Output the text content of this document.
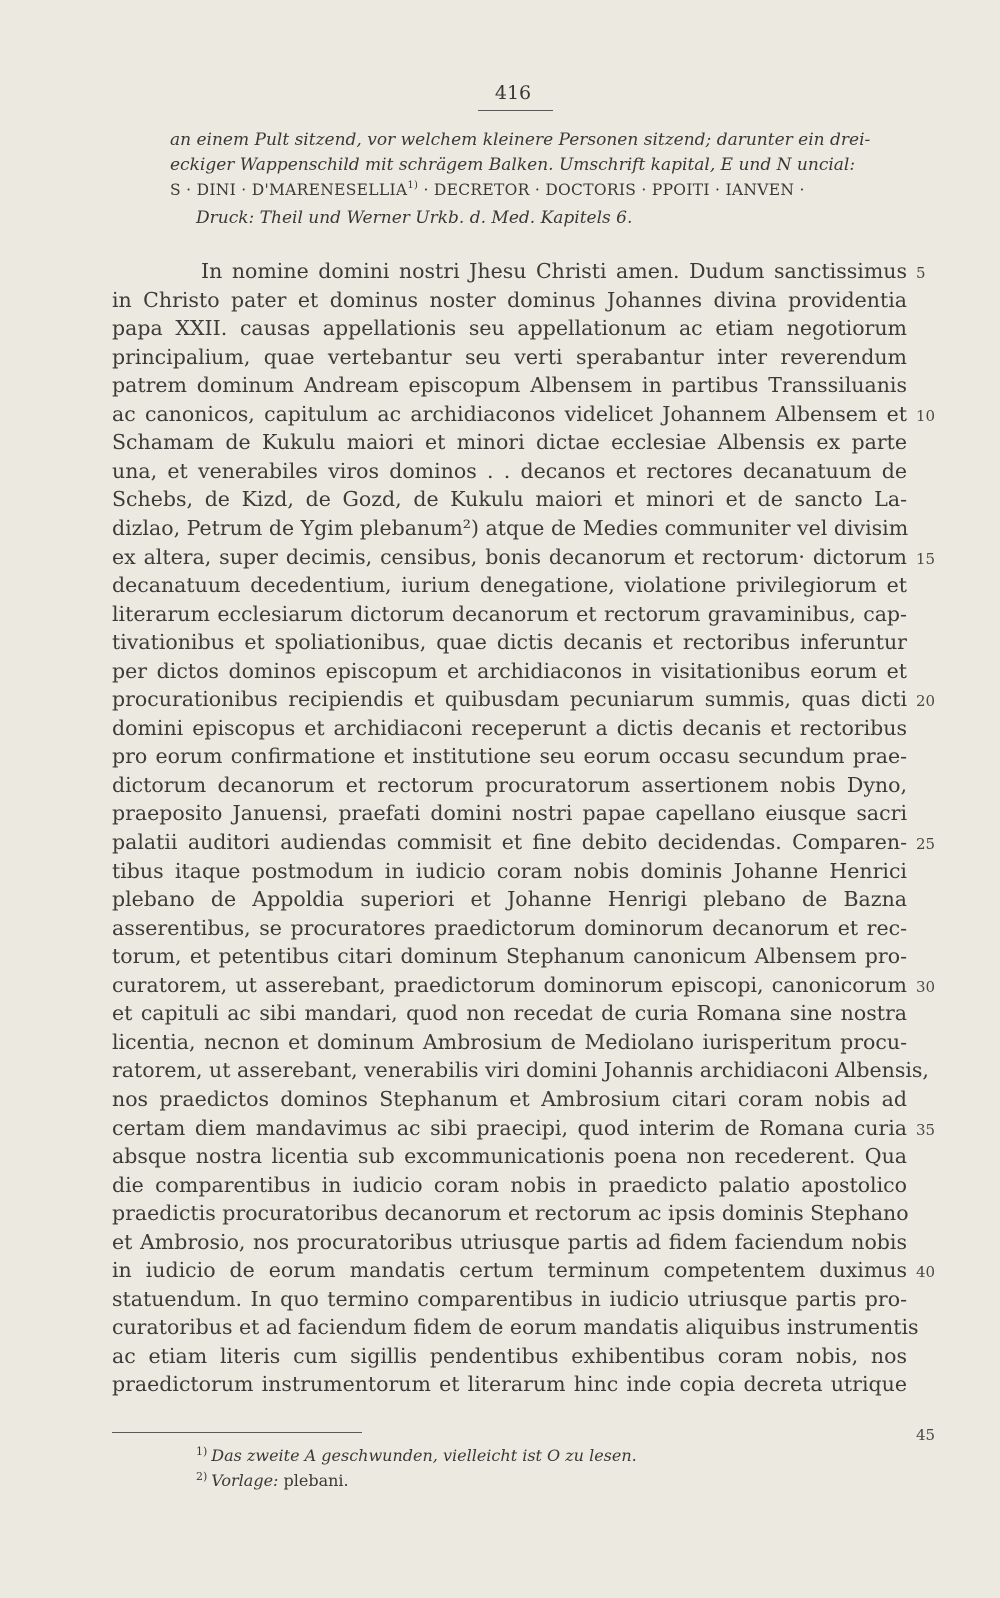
416
an einem Pult sitzend, vor welchem kleinere Personen sitzend; darunter ein drei-
eckiger Wappenschild mit schrägem Balken. Umschrift kapital, E und N uncial:
S · DINI · D'MARENESELLIA$^{1)}$ · DECRETOR · DOCTORIS · PPOITI · IANVEN ·
Druck: Theil und Werner Urkb. d. Med. Kapitels 6.
In nomine domini nostri Jhesu Christi amen. Dudum sanctissimus
in Christo pater et dominus noster dominus Johannes divina providentia
papa XXII. causas appellationis seu appellationum ac etiam negotiorum
principalium, quae vertebantur seu verti sperabantur inter reverendum
patrem dominum Andream episcopum Albensem in partibus Transsiluanis
ac canonicos, capitulum ac archidiaconos videlicet Johannem Albensem et
Schamam de Kukulu maiori et minori dictae ecclesiae Albensis ex parte
una, et venerabiles viros dominos . . decanos et rectores decanatuum de
Schebs, de Kizd, de Gozd, de Kukulu maiori et minori et de sancto La-
dizlao, Petrum de Ygim plebanum²) atque de Medies communiter vel divisim
ex altera, super decimis, censibus, bonis decanorum et rectorum· dictorum
decanatuum decedentium, iurium denegatione, violatione privilegiorum et
literarum ecclesiarum dictorum decanorum et rectorum gravaminibus, cap-
tivationibus et spoliationibus, quae dictis decanis et rectoribus inferuntur
per dictos dominos episcopum et archidiaconos in visitationibus eorum et
procurationibus recipiendis et quibusdam pecuniarum summis, quas dicti
domini episcopus et archidiaconi receperunt a dictis decanis et rectoribus
pro eorum confirmatione et institutione seu eorum occasu secundum prae-
dictorum decanorum et rectorum procuratorum assertionem nobis Dyno,
praeposito Januensi, praefati domini nostri papae capellano eiusque sacri
palatii auditori audiendas commisit et fine debito decidendas. Comparen-
tibus itaque postmodum in iudicio coram nobis dominis Johanne Henrici
plebano de Appoldia superiori et Johanne Henrigi plebano de Bazna
asserentibus, se procuratores praedictorum dominorum decanorum et rec-
torum, et petentibus citari dominum Stephanum canonicum Albensem pro-
curatorem, ut asserebant, praedictorum dominorum episcopi, canonicorum
et capituli ac sibi mandari, quod non recedat de curia Romana sine nostra
licentia, necnon et dominum Ambrosium de Mediolano iurisperitum procu-
ratorem, ut asserebant, venerabilis viri domini Johannis archidiaconi Albensis,
nos praedictos dominos Stephanum et Ambrosium citari coram nobis ad
certam diem mandavimus ac sibi praecipi, quod interim de Romana curia
absque nostra licentia sub excommunicationis poena non recederent. Qua
die comparentibus in iudicio coram nobis in praedicto palatio apostolico
praedictis procuratoribus decanorum et rectorum ac ipsis dominis Stephano
et Ambrosio, nos procuratoribus utriusque partis ad fidem faciendum nobis
in iudicio de eorum mandatis certum terminum competentem duximus
statuendum. In quo termino comparentibus in iudicio utriusque partis pro-
curatoribus et ad faciendum fidem de eorum mandatis aliquibus instrumentis
ac etiam literis cum sigillis pendentibus exhibentibus coram nobis, nos
praedictorum instrumentorum et literarum hinc inde copia decreta utrique
5
10
15
20
25
30
35
40
45
$^{1)}$ Das zweite A geschwunden, vielleicht ist O zu lesen.
$^{2)}$ Vorlage: plebani.
